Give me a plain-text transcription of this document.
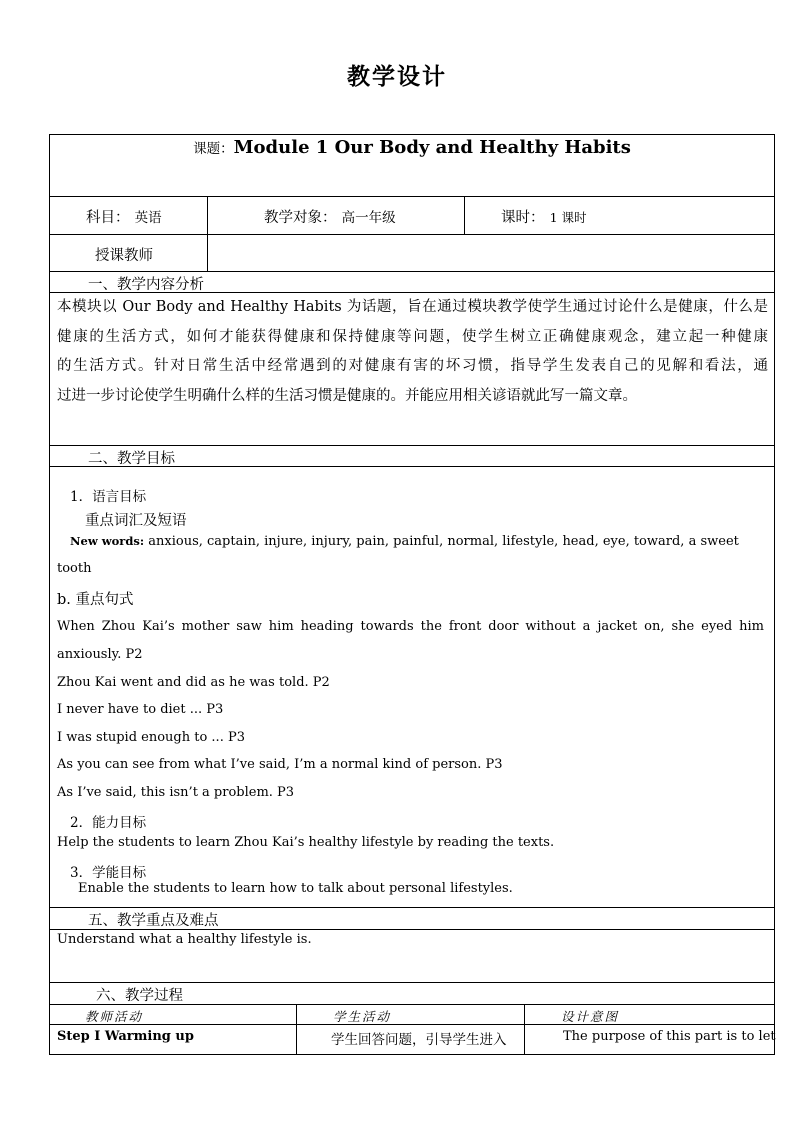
教学设计
课题：Module 1 Our Body and Healthy Habits
科目： 英语	教学对象： 高一年级	课时： 1 课时
授课教师
一、教学内容分析
本模块以 Our Body and Healthy Habits 为话题，旨在通过模块教学使学生通过讨论什么是健康，什么是
健康的生活方式，如何才能获得健康和保持健康等问题，使学生树立正确健康观念，建立起一种健康
的生活方式。针对日常生活中经常遇到的对健康有害的坏习惯，指导学生发表自己的见解和看法，通
过进一步讨论使学生明确什么样的生活习惯是健康的。并能应用相关谚语就此写一篇文章。
二、教学目标
1．语言目标
重点词汇及短语
New words: anxious, captain, injure, injury, pain, painful, normal, lifestyle, head, eye, toward, a sweet
tooth
b. 重点句式
When Zhou Kai’s mother saw him heading towards the front door without a jacket on, she eyed him
anxiously. P2
Zhou Kai went and did as he was told. P2
I never have to diet ... P3
I was stupid enough to ... P3
As you can see from what I’ve said, I’m a normal kind of person. P3
As I’ve said, this isn’t a problem. P3
2．能力目标
Help the students to learn Zhou Kai’s healthy lifestyle by reading the texts.
3．学能目标
Enable the students to learn how to talk about personal lifestyles.
五、教学重点及难点
Understand what a healthy lifestyle is.
六、教学过程
教师活动	学生活动	设计意图
Step I Warming up	学生回答问题，引导学生进入	The purpose of this part is to let
